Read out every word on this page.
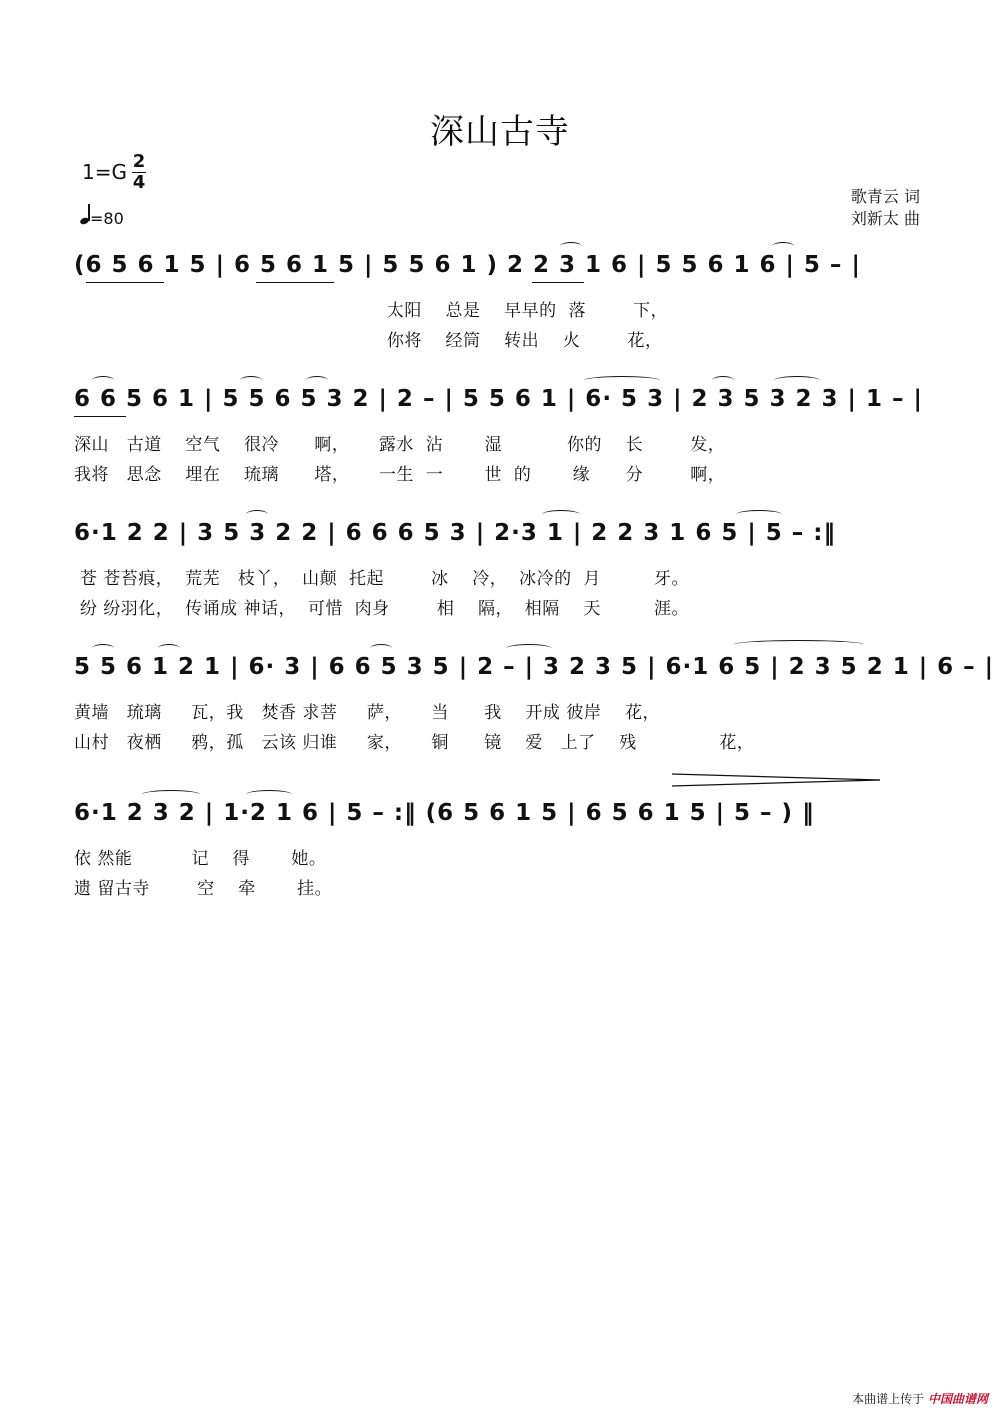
深山古寺
1=G 2
4
=80
歌青云 词
刘新太 曲
(6 5 6 1 5 | 6 5 6 1 5 | 5 5 6 1 ) 2 2 3 1 6 | 5 5 6 1 6 | 5 – |
太阳    总是    早早的  落        下，
你将    经筒    转出    火        花，
6 6 5 6 1 | 5 5 6 5 3 2 | 2 – | 5 5 6 1 | 6· 5 3 | 2 3 5 3 2 3 | 1 – |
深山   古道    空气    很冷      啊，     露水  沾       湿           你的    长        发，
我将   思念    埋在    琉璃      塔，     一生  一       世  的       缘      分        啊，
6·1 2 2 | 3 5 3 2 2 | 6 6 6 5 3 | 2·3 1 | 2 2 3 1 6 5 | 5 – :‖
苍 苍苔痕，  荒芜   枝丫，  山颠  托起        冰    冷，  冰冷的  月         牙。
纷 纷羽化，  传诵成 神话，  可惜  肉身        相    隔，  相隔    天         涯。
5 5 6 1 2 1 | 6· 3 | 6 6 5 3 5 | 2 – | 3 2 3 5 | 6·1 6 5 | 2 3 5 2 1 | 6 – |
黄墙   琉璃     瓦，我   焚香 求菩     萨，     当      我    开成 彼岸    花，
山村   夜栖     鸦，孤   云该 归谁     家，     铜      镜    爱   上了    残              花，
6·1 2 3 2 | 1·2 1 6 | 5 – :‖ (6 5 6 1 5 | 6 5 6 1 5 | 5 – ) ‖
依 然能          记    得       她。
遗 留古寺        空    牵       挂。
本曲谱上传于 中国曲谱网
